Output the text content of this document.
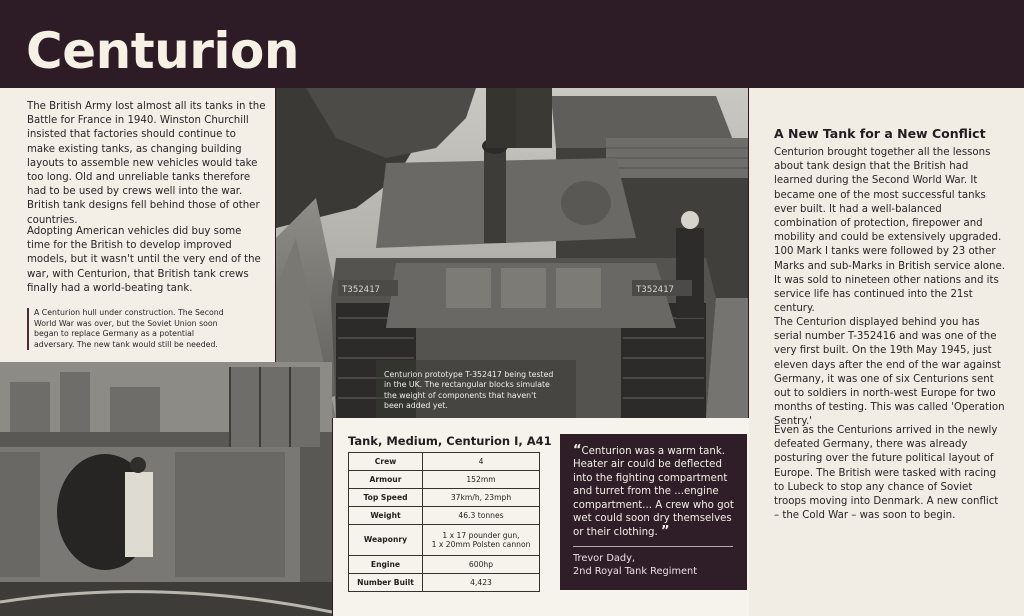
Centurion

The British Army lost almost all its tanks in the Battle for France in 1940. Winston Churchill insisted that factories should continue to make existing tanks, as changing building layouts to assemble new vehicles would take too long. Old and unreliable tanks therefore had to be used by crews well into the war. British tank designs fell behind those of other countries.

Adopting American vehicles did buy some time for the British to develop improved models, but it wasn't until the very end of the war, with Centurion, that British tank crews finally had a world-beating tank.

A Centurion hull under construction. The Second World War was over, but the Soviet Union soon began to replace Germany as a potential adversary. The new tank would still be needed.

T352417	T352417

Centurion prototype T-352417 being tested in the UK. The rectangular blocks simulate the weight of components that haven't been added yet.

A New Tank for a New Conflict

Centurion brought together all the lessons about tank design that the British had learned during the Second World War. It became one of the most successful tanks ever built. It had a well-balanced combination of protection, firepower and mobility and could be extensively upgraded. 100 Mark I tanks were followed by 23 other Marks and sub-Marks in British service alone. It was sold to nineteen other nations and its service life has continued into the 21st century.

The Centurion displayed behind you has serial number T-352416 and was one of the very first built. On the 19th May 1945, just eleven days after the end of the war against Germany, it was one of six Centurions sent out to soldiers in north-west Europe for two months of testing. This was called 'Operation Sentry.'

Even as the Centurions arrived in the newly defeated Germany, there was already posturing over the future political layout of Europe. The British were tasked with racing to Lubeck to stop any chance of Soviet troops moving into Denmark. A new conflict – the Cold War – was soon to begin.

Tank, Medium, Centurion I, A41
Crew	4
Armour	152mm
Top Speed	37km/h, 23mph
Weight	46.3 tonnes
Weaponry	1 x 17 pounder gun,
1 x 20mm Polsten cannon

Engine	600hp
Number Built	4,423

“Centurion was a warm tank. Heater air could be deflected into the fighting compartment and turret from the ...engine compartment... A crew who got wet could soon dry themselves or their clothing. ”

Trevor Dady,
2nd Royal Tank Regiment
